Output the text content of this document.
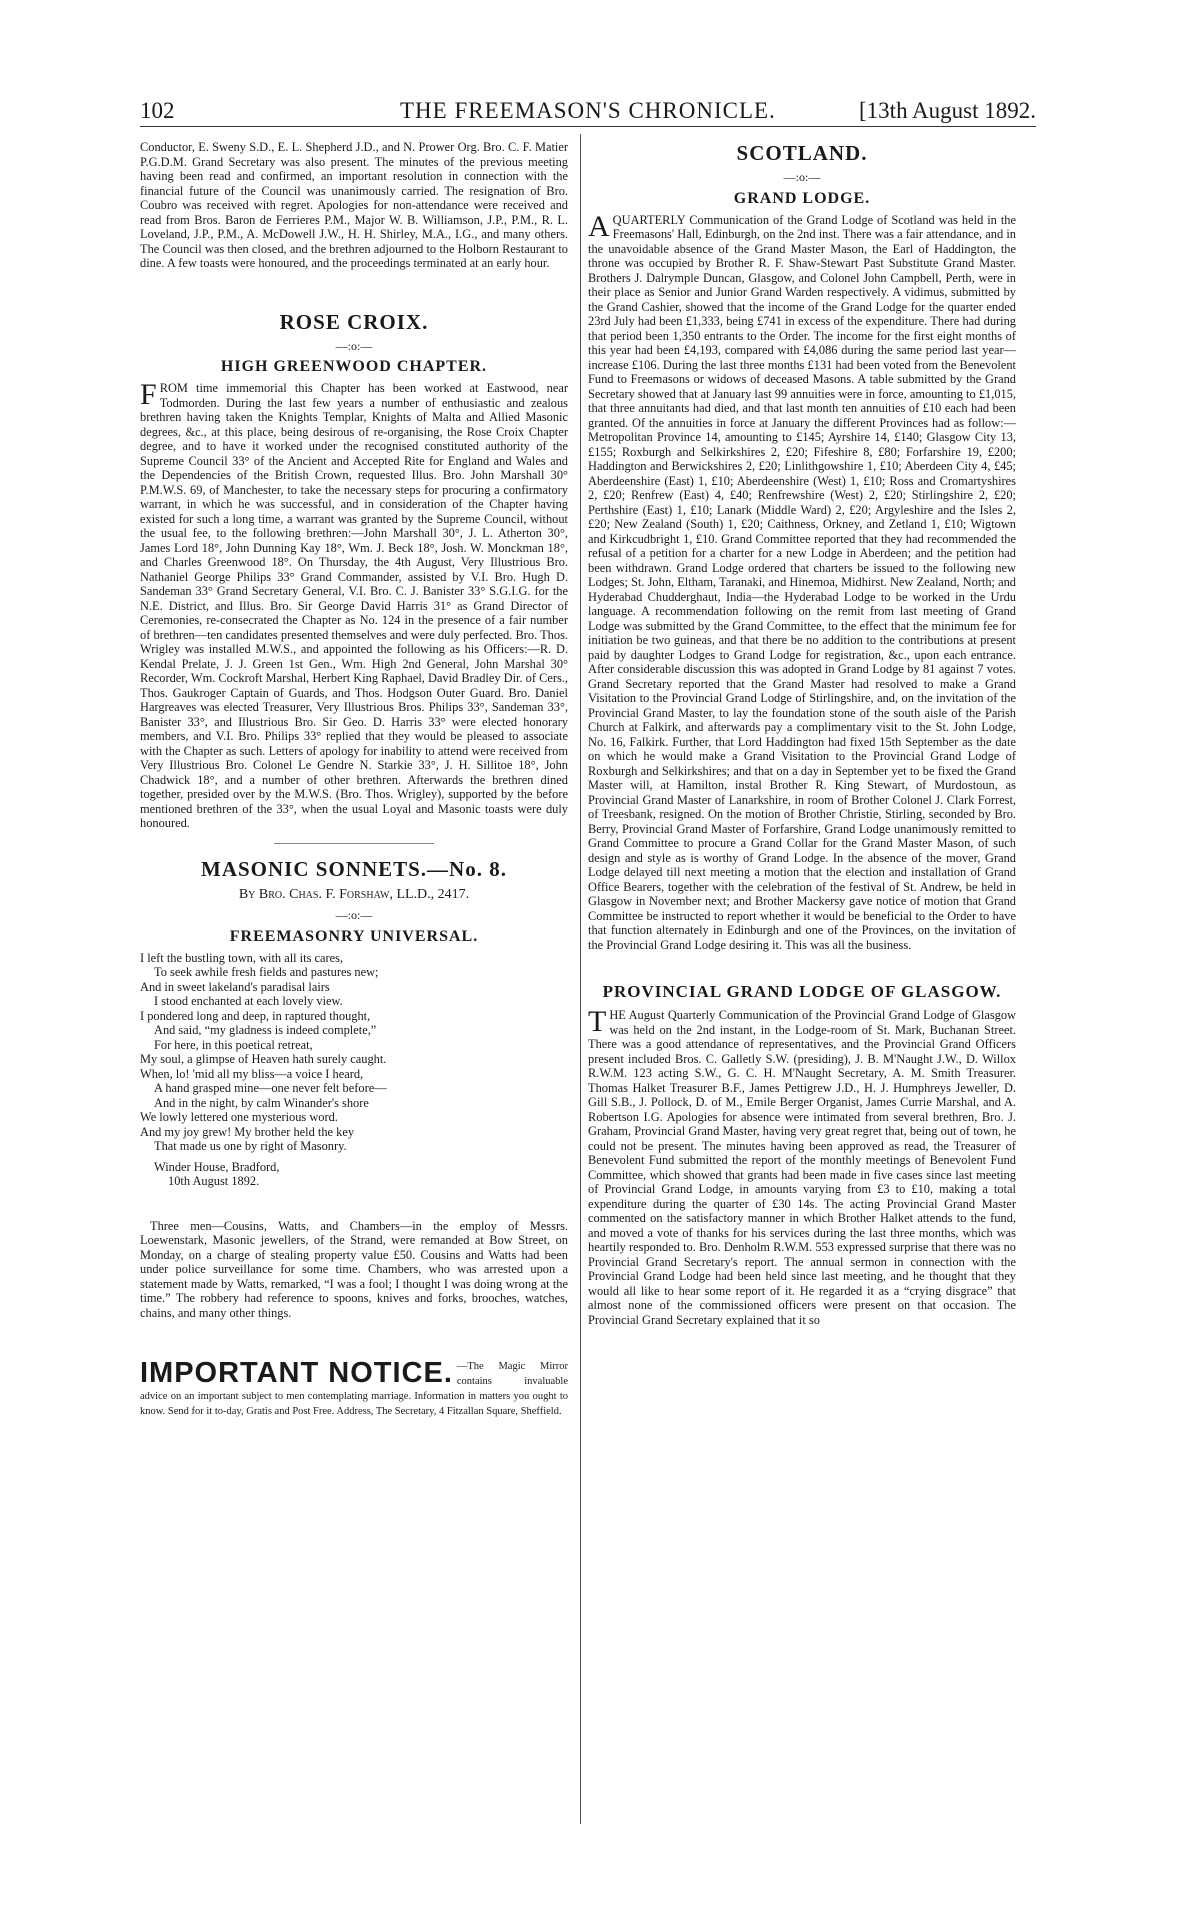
102	THE FREEMASON'S CHRONICLE.	[13th August 1892.

Conductor, E. Sweny S.D., E. L. Shepherd J.D., and N. Prower Org. Bro. C. F. Matier P.G.D.M. Grand Secretary was also present. The minutes of the previous meeting having been read and confirmed, an important resolution in connection with the financial future of the Council was unanimously carried. The resignation of Bro. Coubro was received with regret. Apologies for non-attendance were received and read from Bros. Baron de Ferrieres P.M., Major W. B. Williamson, J.P., P.M., R. L. Loveland, J.P., P.M., A. McDowell J.W., H. H. Shirley, M.A., I.G., and many others. The Council was then closed, and the brethren adjourned to the Holborn Restaurant to dine. A few toasts were honoured, and the proceedings terminated at an early hour.

ROSE CROIX.
—:o:—
HIGH GREENWOOD CHAPTER.

FROM time immemorial this Chapter has been worked at Eastwood, near Todmorden. During the last few years a number of enthusiastic and zealous brethren having taken the Knights Templar, Knights of Malta and Allied Masonic degrees, &c., at this place, being desirous of re-organising, the Rose Croix Chapter degree, and to have it worked under the recognised constituted authority of the Supreme Council 33° of the Ancient and Accepted Rite for England and Wales and the Dependencies of the British Crown, requested Illus. Bro. John Marshall 30° P.M.W.S. 69, of Manchester, to take the necessary steps for procuring a confirmatory warrant, in which he was successful, and in consideration of the Chapter having existed for such a long time, a warrant was granted by the Supreme Council, without the usual fee, to the following brethren:—John Marshall 30°, J. L. Atherton 30°, James Lord 18°, John Dunning Kay 18°, Wm. J. Beck 18°, Josh. W. Monckman 18°, and Charles Greenwood 18°. On Thursday, the 4th August, Very Illustrious Bro. Nathaniel George Philips 33° Grand Commander, assisted by V.I. Bro. Hugh D. Sandeman 33° Grand Secretary General, V.I. Bro. C. J. Banister 33° S.G.I.G. for the N.E. District, and Illus. Bro. Sir George David Harris 31° as Grand Director of Ceremonies, re-consecrated the Chapter as No. 124 in the presence of a fair number of brethren—ten candidates presented themselves and were duly perfected. Bro. Thos. Wrigley was installed M.W.S., and appointed the following as his Officers:—R. D. Kendal Prelate, J. J. Green 1st Gen., Wm. High 2nd General, John Marshal 30° Recorder, Wm. Cockroft Marshal, Herbert King Raphael, David Bradley Dir. of Cers., Thos. Gaukroger Captain of Guards, and Thos. Hodgson Outer Guard. Bro. Daniel Hargreaves was elected Treasurer, Very Illustrious Bros. Philips 33°, Sandeman 33°, Banister 33°, and Illustrious Bro. Sir Geo. D. Harris 33° were elected honorary members, and V.I. Bro. Philips 33° replied that they would be pleased to associate with the Chapter as such. Letters of apology for inability to attend were received from Very Illustrious Bro. Colonel Le Gendre N. Starkie 33°, J. H. Sillitoe 18°, John Chadwick 18°, and a number of other brethren. Afterwards the brethren dined together, presided over by the M.W.S. (Bro. Thos. Wrigley), supported by the before mentioned brethren of the 33°, when the usual Loyal and Masonic toasts were duly honoured.

MASONIC SONNETS.—No. 8.
By Bro. Chas. F. Forshaw, LL.D., 2417.
—:o:—
FREEMASONRY UNIVERSAL.
I left the bustling town, with all its cares,
To seek awhile fresh fields and pastures new;
And in sweet lakeland's paradisal lairs
I stood enchanted at each lovely view.
I pondered long and deep, in raptured thought,
And said, “my gladness is indeed complete,”
For here, in this poetical retreat,
My soul, a glimpse of Heaven hath surely caught.
When, lo! 'mid all my bliss—a voice I heard,
A hand grasped mine—one never felt before—
And in the night, by calm Winander's shore
We lowly lettered one mysterious word.
And my joy grew! My brother held the key
That made us one by right of Masonry.
Winder House, Bradford,
10th August 1892.

Three men—Cousins, Watts, and Chambers—in the employ of Messrs. Loewenstark, Masonic jewellers, of the Strand, were remanded at Bow Street, on Monday, on a charge of stealing property value £50. Cousins and Watts had been under police surveillance for some time. Chambers, who was arrested upon a statement made by Watts, remarked, “I was a fool; I thought I was doing wrong at the time.” The robbery had reference to spoons, knives and forks, brooches, watches, chains, and many other things.

IMPORTANT NOTICE. —The Magic Mirror contains invaluable advice on an important subject to men contemplating marriage. Information in matters you ought to know. Send for it to-day, Gratis and Post Free. Address, The Secretary, 4 Fitzallan Square, Sheffield.
SCOTLAND.
—:o:—
GRAND LODGE.

AQUARTERLY Communication of the Grand Lodge of Scotland was held in the Freemasons' Hall, Edinburgh, on the 2nd inst. There was a fair attendance, and in the unavoidable absence of the Grand Master Mason, the Earl of Haddington, the throne was occupied by Brother R. F. Shaw-Stewart Past Substitute Grand Master. Brothers J. Dalrymple Duncan, Glasgow, and Colonel John Campbell, Perth, were in their place as Senior and Junior Grand Warden respectively. A vidimus, submitted by the Grand Cashier, showed that the income of the Grand Lodge for the quarter ended 23rd July had been £1,333, being £741 in excess of the expenditure. There had during that period been 1,350 entrants to the Order. The income for the first eight months of this year had been £4,193, compared with £4,086 during the same period last year—increase £106. During the last three months £131 had been voted from the Benevolent Fund to Freemasons or widows of deceased Masons. A table submitted by the Grand Secretary showed that at January last 99 annuities were in force, amounting to £1,015, that three annuitants had died, and that last month ten annuities of £10 each had been granted. Of the annuities in force at January the different Provinces had as follow:—Metropolitan Province 14, amounting to £145; Ayrshire 14, £140; Glasgow City 13, £155; Roxburgh and Selkirkshires 2, £20; Fifeshire 8, £80; Forfarshire 19, £200; Haddington and Berwickshires 2, £20; Linlithgowshire 1, £10; Aberdeen City 4, £45; Aberdeenshire (East) 1, £10; Aberdeenshire (West) 1, £10; Ross and Cromartyshires 2, £20; Renfrew (East) 4, £40; Renfrewshire (West) 2, £20; Stirlingshire 2, £20; Perthshire (East) 1, £10; Lanark (Middle Ward) 2, £20; Argyleshire and the Isles 2, £20; New Zealand (South) 1, £20; Caithness, Orkney, and Zetland 1, £10; Wigtown and Kirkcudbright 1, £10. Grand Committee reported that they had recommended the refusal of a petition for a charter for a new Lodge in Aberdeen; and the petition had been withdrawn. Grand Lodge ordered that charters be issued to the following new Lodges; St. John, Eltham, Taranaki, and Hinemoa, Midhirst. New Zealand, North; and Hyderabad Chudderghaut, India—the Hyderabad Lodge to be worked in the Urdu language. A recommendation following on the remit from last meeting of Grand Lodge was submitted by the Grand Committee, to the effect that the minimum fee for initiation be two guineas, and that there be no addition to the contributions at present paid by daughter Lodges to Grand Lodge for registration, &c., upon each entrance. After considerable discussion this was adopted in Grand Lodge by 81 against 7 votes. Grand Secretary reported that the Grand Master had resolved to make a Grand Visitation to the Provincial Grand Lodge of Stirlingshire, and, on the invitation of the Provincial Grand Master, to lay the foundation stone of the south aisle of the Parish Church at Falkirk, and afterwards pay a complimentary visit to the St. John Lodge, No. 16, Falkirk. Further, that Lord Haddington had fixed 15th September as the date on which he would make a Grand Visitation to the Provincial Grand Lodge of Roxburgh and Selkirkshires; and that on a day in September yet to be fixed the Grand Master will, at Hamilton, instal Brother R. King Stewart, of Murdostoun, as Provincial Grand Master of Lanarkshire, in room of Brother Colonel J. Clark Forrest, of Treesbank, resigned. On the motion of Brother Christie, Stirling, seconded by Bro. Berry, Provincial Grand Master of Forfarshire, Grand Lodge unanimously remitted to Grand Committee to procure a Grand Collar for the Grand Master Mason, of such design and style as is worthy of Grand Lodge. In the absence of the mover, Grand Lodge delayed till next meeting a motion that the election and installation of Grand Office Bearers, together with the celebration of the festival of St. Andrew, be held in Glasgow in November next; and Brother Mackersy gave notice of motion that Grand Committee be instructed to report whether it would be beneficial to the Order to have that function alternately in Edinburgh and one of the Provinces, on the invitation of the Provincial Grand Lodge desiring it. This was all the business.

PROVINCIAL GRAND LODGE OF GLASGOW.

THE August Quarterly Communication of the Provincial Grand Lodge of Glasgow was held on the 2nd instant, in the Lodge-room of St. Mark, Buchanan Street. There was a good attendance of representatives, and the Provincial Grand Officers present included Bros. C. Galletly S.W. (presiding), J. B. M'Naught J.W., D. Willox R.W.M. 123 acting S.W., G. C. H. M'Naught Secretary, A. M. Smith Treasurer. Thomas Halket Treasurer B.F., James Pettigrew J.D., H. J. Humphreys Jeweller, D. Gill S.B., J. Pollock, D. of M., Emile Berger Organist, James Currie Marshal, and A. Robertson I.G. Apologies for absence were intimated from several brethren, Bro. J. Graham, Provincial Grand Master, having very great regret that, being out of town, he could not be present. The minutes having been approved as read, the Treasurer of Benevolent Fund submitted the report of the monthly meetings of Benevolent Fund Committee, which showed that grants had been made in five cases since last meeting of Provincial Grand Lodge, in amounts varying from £3 to £10, making a total expenditure during the quarter of £30 14s. The acting Provincial Grand Master commented on the satisfactory manner in which Brother Halket attends to the fund, and moved a vote of thanks for his services during the last three months, which was heartily responded to. Bro. Denholm R.W.M. 553 expressed surprise that there was no Provincial Grand Secretary's report. The annual sermon in connection with the Provincial Grand Lodge had been held since last meeting, and he thought that they would all like to hear some report of it. He regarded it as a “crying disgrace” that almost none of the commissioned officers were present on that occasion. The Provincial Grand Secretary explained that it so
